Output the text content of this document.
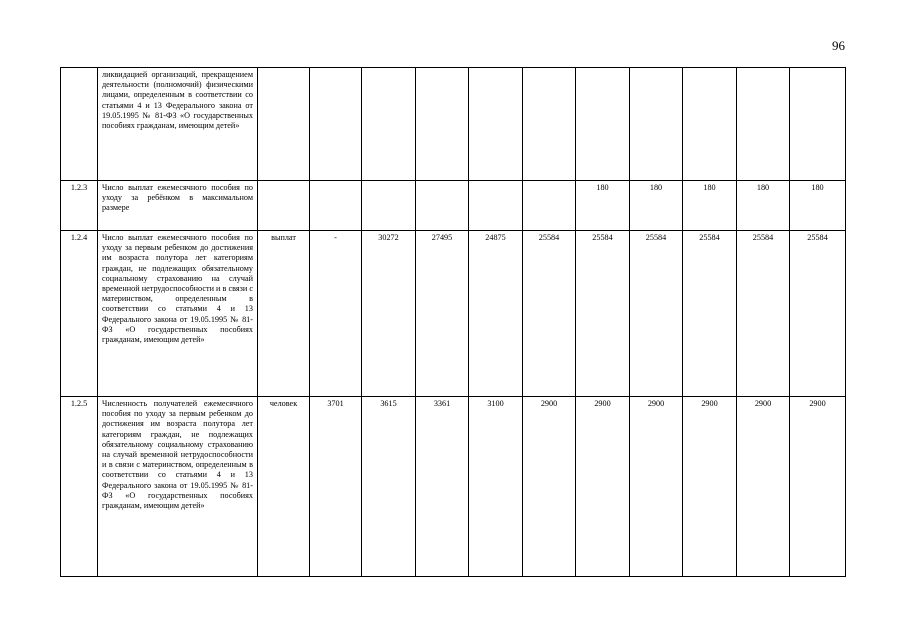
96
	ликвидацией организаций, прекращением деятельности (полномочий) физическими лицами, определенным в соответствии со статьями 4 и 13 Федерального закона от 19.05.1995 № 81-ФЗ «О государственных пособиях гражданам, имеющим детей»											
1.2.3	Число выплат ежемесячного пособия по уходу за ребёнком в максимальном размере							180	180	180	180	180
1.2.4	Число выплат ежемесячного пособия по уходу за первым ребенком до достижения им возраста полутора лет категориям граждан, не подлежащих обязательному социальному страхованию на случай временной нетрудоспособности и в связи с материнством, определенным в соответствии со статьями 4 и 13 Федерального закона от 19.05.1995 № 81-ФЗ «О государственных пособиях гражданам, имеющим детей»	выплат	-	30272	27495	24875	25584	25584	25584	25584	25584	25584
1.2.5	Численность получателей ежемесячного пособия по уходу за первым ребенком до достижения им возраста полутора лет категориям граждан, не подлежащих обязательному социальному страхованию на случай временной нетрудоспособности и в связи с материнством, определенным в соответствии со статьями 4 и 13 Федерального закона от 19.05.1995 № 81-ФЗ «О государственных пособиях гражданам, имеющим детей»	человек	3701	3615	3361	3100	2900	2900	2900	2900	2900	2900
